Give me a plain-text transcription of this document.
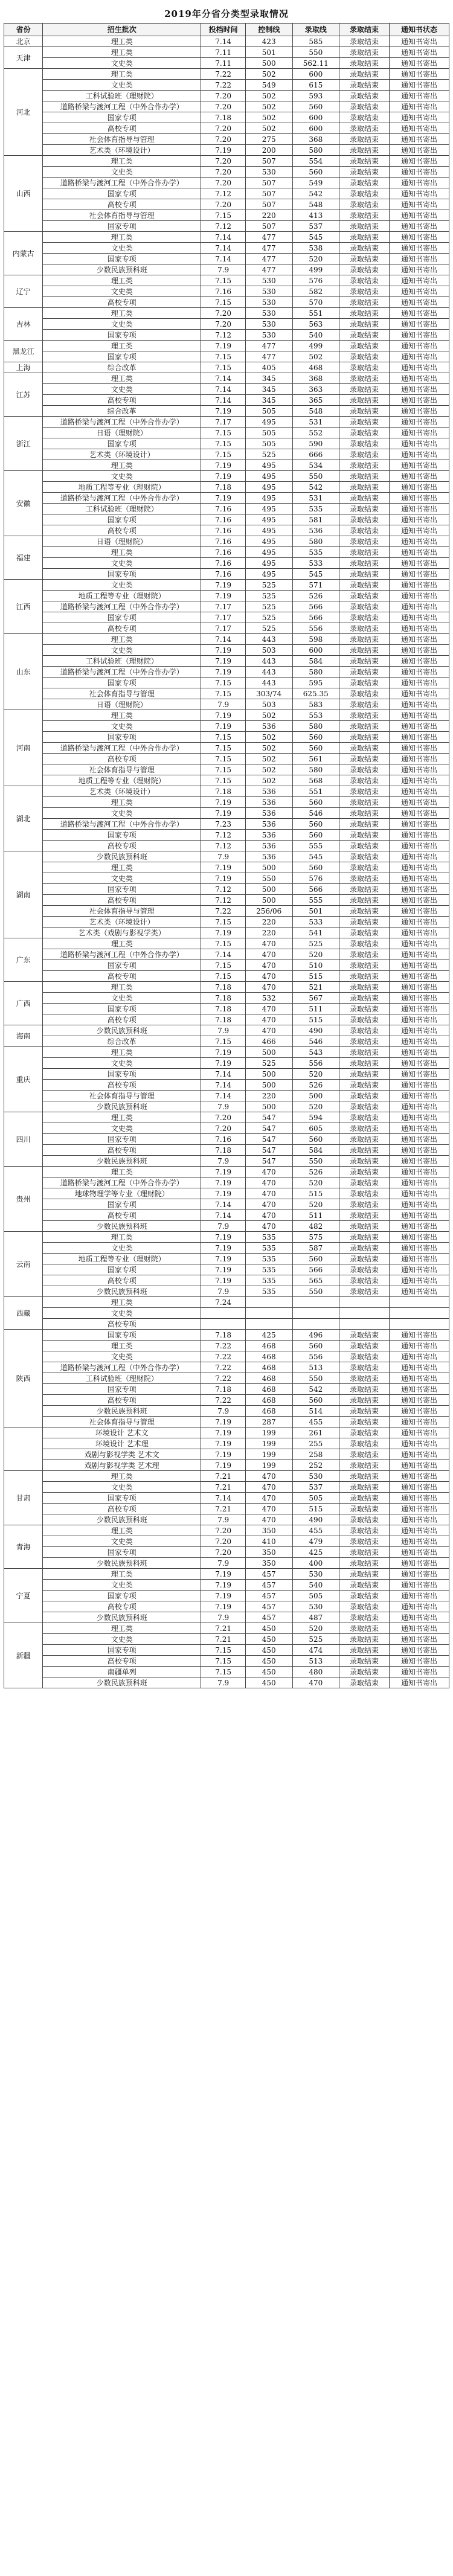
2019年分省分类型录取情况
省份	招生批次	投档时间	控制线	录取线	录取结束	通知书状态
北京	理工类	7.14	423	585	录取结束	通知书寄出
天津	理工类	7.11	501	550	录取结束	通知书寄出
	文史类	7.11	500	562.11	录取结束	通知书寄出
河北	理工类	7.22	502	600	录取结束	通知书寄出
	文史类	7.22	549	615	录取结束	通知书寄出
	工科试验班（理财院）	7.20	502	593	录取结束	通知书寄出
	道路桥梁与渡河工程（中外合作办学）	7.20	502	560	录取结束	通知书寄出
	国家专项	7.18	502	600	录取结束	通知书寄出
	高校专项	7.20	502	600	录取结束	通知书寄出
	社会体育指导与管理	7.20	275	368	录取结束	通知书寄出
	艺术类（环境设计）	7.19	200	580	录取结束	通知书寄出
山西	理工类	7.20	507	554	录取结束	通知书寄出
	文史类	7.20	530	560	录取结束	通知书寄出
	道路桥梁与渡河工程（中外合作办学）	7.20	507	549	录取结束	通知书寄出
	国家专项	7.12	507	542	录取结束	通知书寄出
	高校专项	7.20	507	548	录取结束	通知书寄出
	社会体育指导与管理	7.15	220	413	录取结束	通知书寄出
	国家专项	7.12	507	537	录取结束	通知书寄出
内蒙古	理工类	7.14	477	545	录取结束	通知书寄出
	文史类	7.14	477	538	录取结束	通知书寄出
	国家专项	7.14	477	520	录取结束	通知书寄出
	少数民族预科班	7.9	477	499	录取结束	通知书寄出
辽宁	理工类	7.15	530	576	录取结束	通知书寄出
	文史类	7.16	530	582	录取结束	通知书寄出
	高校专项	7.15	530	570	录取结束	通知书寄出
吉林	理工类	7.20	530	551	录取结束	通知书寄出
	文史类	7.20	530	563	录取结束	通知书寄出
	国家专项	7.12	530	540	录取结束	通知书寄出
黑龙江	理工类	7.19	477	499	录取结束	通知书寄出
	国家专项	7.15	477	502	录取结束	通知书寄出
上海	综合改革	7.15	405	468	录取结束	通知书寄出
江苏	理工类	7.14	345	368	录取结束	通知书寄出
	文史类	7.14	345	363	录取结束	通知书寄出
	高校专项	7.14	345	365	录取结束	通知书寄出
	综合改革	7.19	505	548	录取结束	通知书寄出
浙江	道路桥梁与渡河工程（中外合作办学）	7.17	495	531	录取结束	通知书寄出
	日语（理财院）	7.15	505	552	录取结束	通知书寄出
	国家专项	7.15	505	590	录取结束	通知书寄出
	艺术类（环境设计）	7.15	525	666	录取结束	通知书寄出
	理工类	7.19	495	534	录取结束	通知书寄出
安徽	文史类	7.19	495	550	录取结束	通知书寄出
	地质工程等专业（理财院）	7.18	495	542	录取结束	通知书寄出
	道路桥梁与渡河工程（中外合作办学）	7.19	495	531	录取结束	通知书寄出
	工科试验班（理财院）	7.16	495	535	录取结束	通知书寄出
	国家专项	7.16	495	581	录取结束	通知书寄出
	高校专项	7.16	495	536	录取结束	通知书寄出
福建	日语（理财院）	7.16	495	580	录取结束	通知书寄出
	理工类	7.16	495	535	录取结束	通知书寄出
	文史类	7.16	495	533	录取结束	通知书寄出
	国家专项	7.16	495	545	录取结束	通知书寄出
江西	文史类	7.19	525	571	录取结束	通知书寄出
	地质工程等专业（理财院）	7.19	525	526	录取结束	通知书寄出
	道路桥梁与渡河工程（中外合作办学）	7.17	525	566	录取结束	通知书寄出
	国家专项	7.17	525	566	录取结束	通知书寄出
	高校专项	7.17	525	556	录取结束	通知书寄出
山东	理工类	7.14	443	598	录取结束	通知书寄出
	文史类	7.19	503	600	录取结束	通知书寄出
	工科试验班（理财院）	7.19	443	584	录取结束	通知书寄出
	道路桥梁与渡河工程（中外合作办学）	7.19	443	580	录取结束	通知书寄出
	国家专项	7.15	443	595	录取结束	通知书寄出
	社会体育指导与管理	7.15	303/74	625.35	录取结束	通知书寄出
	日语（理财院）	7.9	503	583	录取结束	通知书寄出
河南	理工类	7.19	502	553	录取结束	通知书寄出
	文史类	7.19	536	580	录取结束	通知书寄出
	国家专项	7.15	502	560	录取结束	通知书寄出
	道路桥梁与渡河工程（中外合作办学）	7.15	502	560	录取结束	通知书寄出
	高校专项	7.15	502	561	录取结束	通知书寄出
	社会体育指导与管理	7.15	502	580	录取结束	通知书寄出
	地质工程等专业（理财院）	7.15	502	568	录取结束	通知书寄出
湖北	艺术类（环境设计）	7.18	536	551	录取结束	通知书寄出
	理工类	7.19	536	560	录取结束	通知书寄出
	文史类	7.19	536	546	录取结束	通知书寄出
	道路桥梁与渡河工程（中外合作办学）	7.23	536	560	录取结束	通知书寄出
	国家专项	7.12	536	560	录取结束	通知书寄出
	高校专项	7.12	536	555	录取结束	通知书寄出
湖南	少数民族预科班	7.9	536	545	录取结束	通知书寄出
	理工类	7.19	500	560	录取结束	通知书寄出
	文史类	7.19	550	576	录取结束	通知书寄出
	国家专项	7.12	500	566	录取结束	通知书寄出
	高校专项	7.12	500	555	录取结束	通知书寄出
	社会体育指导与管理	7.22	256/06	501	录取结束	通知书寄出
	艺术类（环境设计）	7.15	220	533	录取结束	通知书寄出
	艺术类（戏剧与影视学类）	7.19	220	541	录取结束	通知书寄出
广东	理工类	7.15	470	525	录取结束	通知书寄出
	道路桥梁与渡河工程（中外合作办学）	7.14	470	520	录取结束	通知书寄出
	国家专项	7.15	470	510	录取结束	通知书寄出
	高校专项	7.15	470	515	录取结束	通知书寄出
广西	理工类	7.18	470	521	录取结束	通知书寄出
	文史类	7.18	532	567	录取结束	通知书寄出
	国家专项	7.18	470	511	录取结束	通知书寄出
	高校专项	7.18	470	515	录取结束	通知书寄出
海南	少数民族预科班	7.9	470	490	录取结束	通知书寄出
	综合改革	7.15	466	546	录取结束	通知书寄出
重庆	理工类	7.19	500	543	录取结束	通知书寄出
	文史类	7.19	525	556	录取结束	通知书寄出
	国家专项	7.14	500	520	录取结束	通知书寄出
	高校专项	7.14	500	526	录取结束	通知书寄出
	社会体育指导与管理	7.14	220	500	录取结束	通知书寄出
	少数民族预科班	7.9	500	520	录取结束	通知书寄出
四川	理工类	7.20	547	594	录取结束	通知书寄出
	文史类	7.20	547	605	录取结束	通知书寄出
	国家专项	7.16	547	560	录取结束	通知书寄出
	高校专项	7.18	547	584	录取结束	通知书寄出
	少数民族预科班	7.9	547	550	录取结束	通知书寄出
贵州	理工类	7.19	470	526	录取结束	通知书寄出
	道路桥梁与渡河工程（中外合作办学）	7.19	470	520	录取结束	通知书寄出
	地球物理学等专业（理财院）	7.19	470	515	录取结束	通知书寄出
	国家专项	7.14	470	520	录取结束	通知书寄出
	高校专项	7.14	470	511	录取结束	通知书寄出
	少数民族预科班	7.9	470	482	录取结束	通知书寄出
云南	理工类	7.19	535	575	录取结束	通知书寄出
	文史类	7.19	535	587	录取结束	通知书寄出
	地质工程等专业（理财院）	7.19	535	560	录取结束	通知书寄出
	国家专项	7.19	535	566	录取结束	通知书寄出
	高校专项	7.19	535	565	录取结束	通知书寄出
	少数民族预科班	7.9	535	550	录取结束	通知书寄出
西藏	理工类	7.24				
	文史类					
	高校专项					
陕西	国家专项	7.18	425	496	录取结束	通知书寄出
	理工类	7.22	468	560	录取结束	通知书寄出
	文史类	7.22	468	556	录取结束	通知书寄出
	道路桥梁与渡河工程（中外合作办学）	7.22	468	513	录取结束	通知书寄出
	工科试验班（理财院）	7.22	468	550	录取结束	通知书寄出
	国家专项	7.18	468	542	录取结束	通知书寄出
	高校专项	7.22	468	560	录取结束	通知书寄出
	少数民族预科班	7.9	468	514	录取结束	通知书寄出
	社会体育指导与管理	7.19	287	455	录取结束	通知书寄出
	环境设计 艺术文	7.19	199	261	录取结束	通知书寄出
	环境设计 艺术理	7.19	199	255	录取结束	通知书寄出
	戏剧与影视学类 艺术文	7.19	199	258	录取结束	通知书寄出
	戏剧与影视学类 艺术理	7.19	199	252	录取结束	通知书寄出
甘肃	理工类	7.21	470	530	录取结束	通知书寄出
	文史类	7.21	470	537	录取结束	通知书寄出
	国家专项	7.14	470	505	录取结束	通知书寄出
	高校专项	7.21	470	515	录取结束	通知书寄出
	少数民族预科班	7.9	470	490	录取结束	通知书寄出
青海	理工类	7.20	350	455	录取结束	通知书寄出
	文史类	7.20	410	479	录取结束	通知书寄出
	国家专项	7.20	350	425	录取结束	通知书寄出
	少数民族预科班	7.9	350	400	录取结束	通知书寄出
宁夏	理工类	7.19	457	530	录取结束	通知书寄出
	文史类	7.19	457	540	录取结束	通知书寄出
	国家专项	7.19	457	505	录取结束	通知书寄出
	高校专项	7.19	457	530	录取结束	通知书寄出
	少数民族预科班	7.9	457	487	录取结束	通知书寄出
新疆	理工类	7.21	450	520	录取结束	通知书寄出
	文史类	7.21	450	525	录取结束	通知书寄出
	国家专项	7.15	450	474	录取结束	通知书寄出
	高校专项	7.15	450	513	录取结束	通知书寄出
	南疆单列	7.15	450	480	录取结束	通知书寄出
	少数民族预科班	7.9	450	470	录取结束	通知书寄出
